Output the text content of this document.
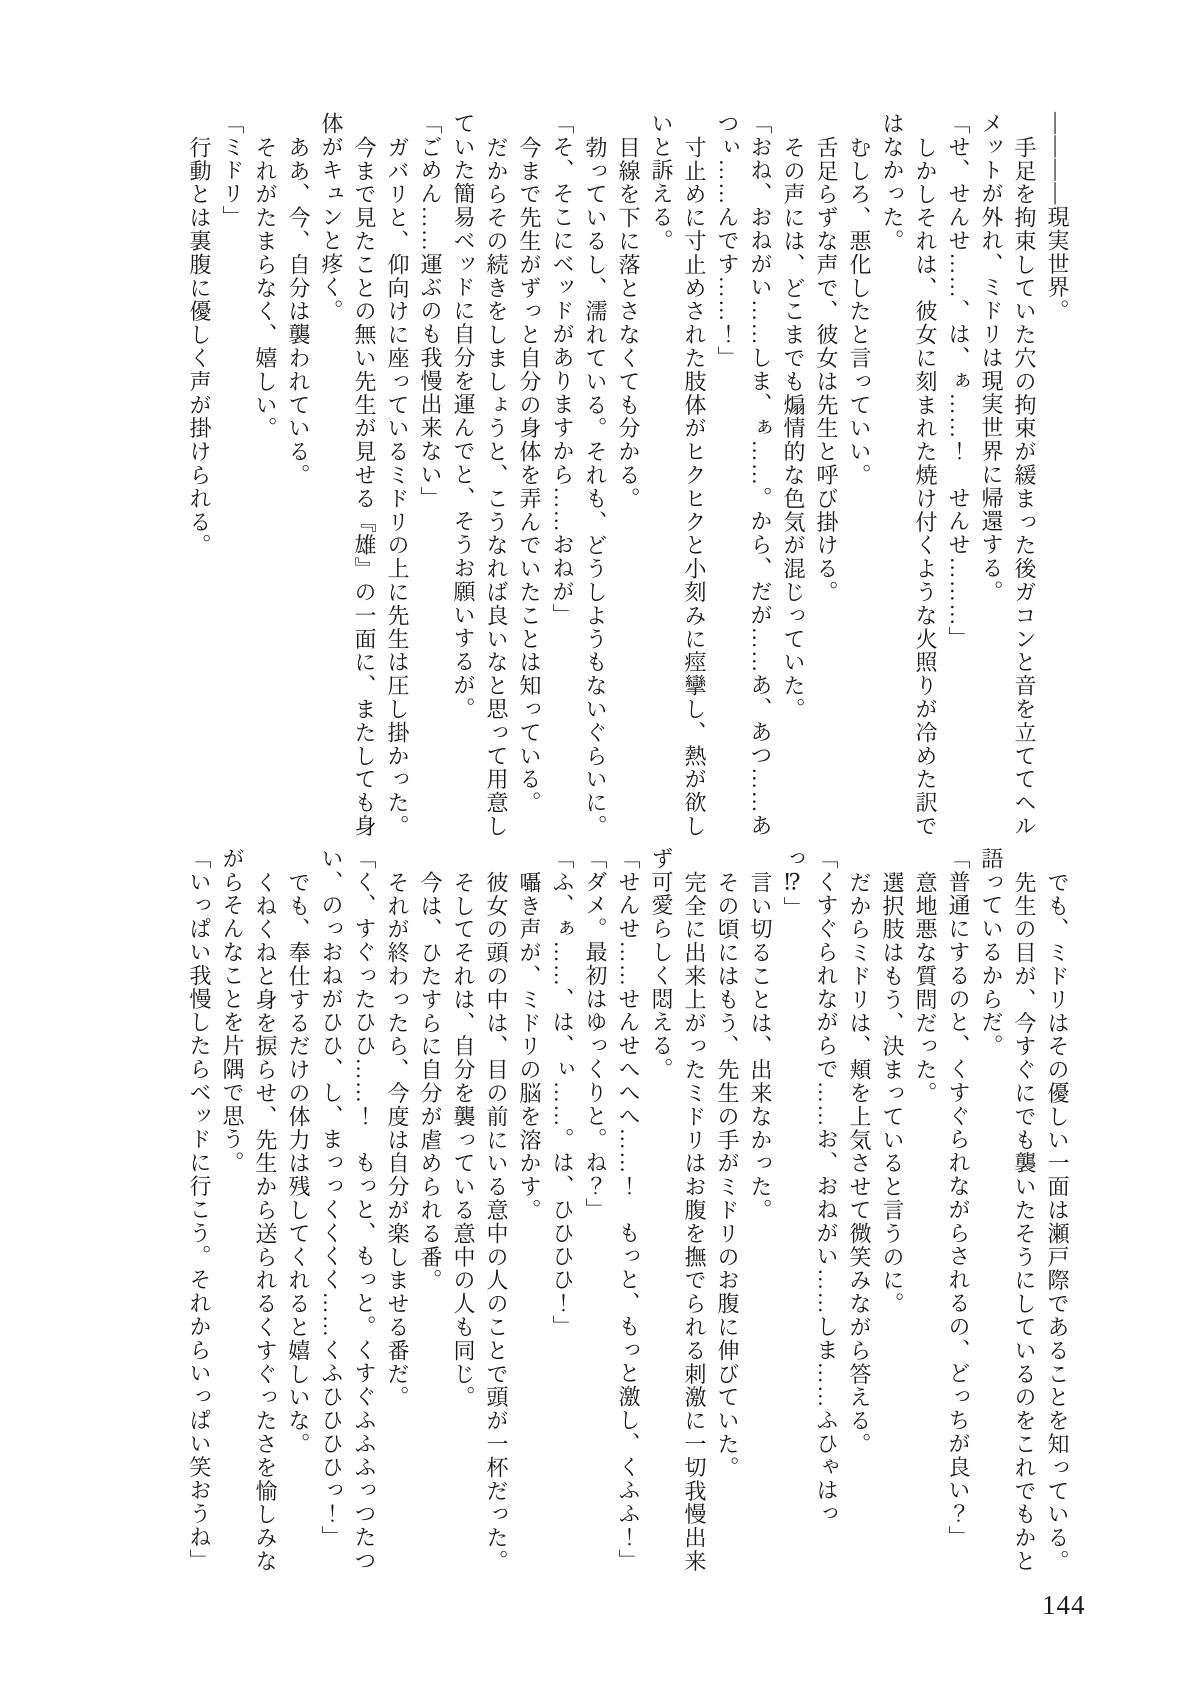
――――現実世界。

手足を拘束していた穴の拘束が緩まった後ガコンと音を立ててヘルメットが外れ、ミドリは現実世界に帰還する。

「せ、せんせ……、は、ぁ……！　せんせ………」

しかしそれは、彼女に刻まれた焼け付くような火照りが冷めた訳ではなかった。

むしろ、悪化したと言っていい。

舌足らずな声で、彼女は先生と呼び掛ける。

その声には、どこまでも煽情的な色気が混じっていた。

「おね、おねがい……しま、ぁ……。から、だが……あ、あつ……あつぃ……んです……！」

寸止めに寸止めされた肢体がヒクヒクと小刻みに痙攣し、熱が欲しいと訴える。

目線を下に落とさなくても分かる。

勃っているし、濡れている。それも、どうしようもないぐらいに。

「そ、そこにベッドがありますから……おねが」

今まで先生がずっと自分の身体を弄んでいたことは知っている。

だからその続きをしましょうと、こうなれば良いなと思って用意していた簡易ベッドに自分を運んでと、そうお願いするが。

「ごめん……運ぶのも我慢出来ない」

ガバリと、仰向けに座っているミドリの上に先生は圧し掛かった。

今まで見たことの無い先生が見せる『雄』の一面に、またしても身体がキュンと疼く。

ああ、今、自分は襲われている。

それがたまらなく、嬉しい。

「ミドリ」

行動とは裏腹に優しく声が掛けられる。

でも、ミドリはその優しい一面は瀬戸際であることを知っている。

先生の目が、今すぐにでも襲いたそうにしているのをこれでもかと語っているからだ。

「普通にするのと、くすぐられながらされるの、どっちが良い？」

意地悪な質問だった。

選択肢はもう、決まっていると言うのに。

だからミドリは、頬を上気させて微笑みながら答える。

「くすぐられながらで……お、おねがい……しま……ふひゃはっっ⁉」

言い切ることは、出来なかった。

その頃にはもう、先生の手がミドリのお腹に伸びていた。

完全に出来上がったミドリはお腹を撫でられる刺激に一切我慢出来ず可愛らしく悶える。

「せんせ……せんせへへへ……！　もっと、もっと激し、くふふ！」

「ダメ。最初はゆっくりと。ね？」

「ふ、ぁ……、は、ぃ……。は、ひひひひ！」

囁き声が、ミドリの脳を溶かす。

彼女の頭の中は、目の前にいる意中の人のことで頭が一杯だった。

そしてそれは、自分を襲っている意中の人も同じ。

今は、ひたすらに自分が虐められる番。

それが終わったら、今度は自分が楽しませる番だ。

「く、すぐったひひ……！　もっと、もっと。くすぐふふふっつたつい、のっおねがひひ、し、まっっくくくく……くふひひひひっ！」

でも、奉仕するだけの体力は残してくれると嬉しいな。

くねくねと身を捩らせ、先生から送られるくすぐったさを愉しみながらそんなことを片隅で思う。

「いっぱい我慢したらベッドに行こう。それからいっぱい笑おうね」

144
